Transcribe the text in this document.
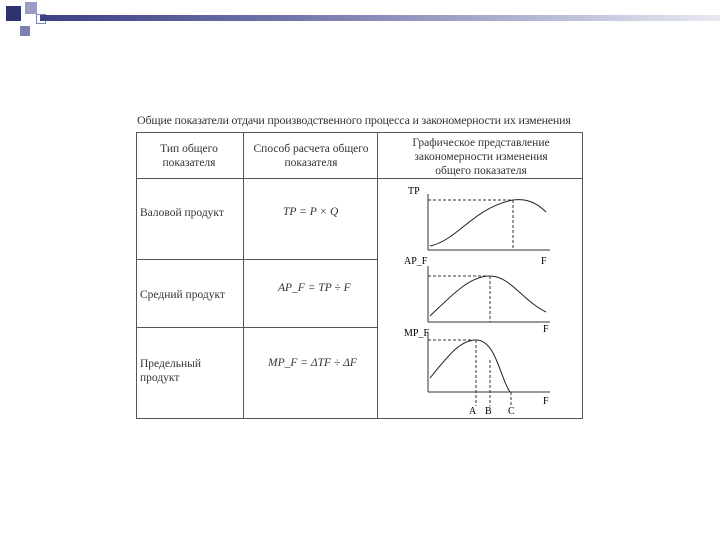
Общие показатели отдачи производственного процесса и закономерности их изменения
Тип общего показателя
Способ расчета общего показателя
Графическое представление закономерности изменения общего показателя
Валовой продукт	TP = P × Q
Средний продукт
AP_F = TP ÷ F
Предельный продукт
MP_F = ΔTF ÷ ΔF
TP
F
AP_F
F
MP_F
F
A B C
